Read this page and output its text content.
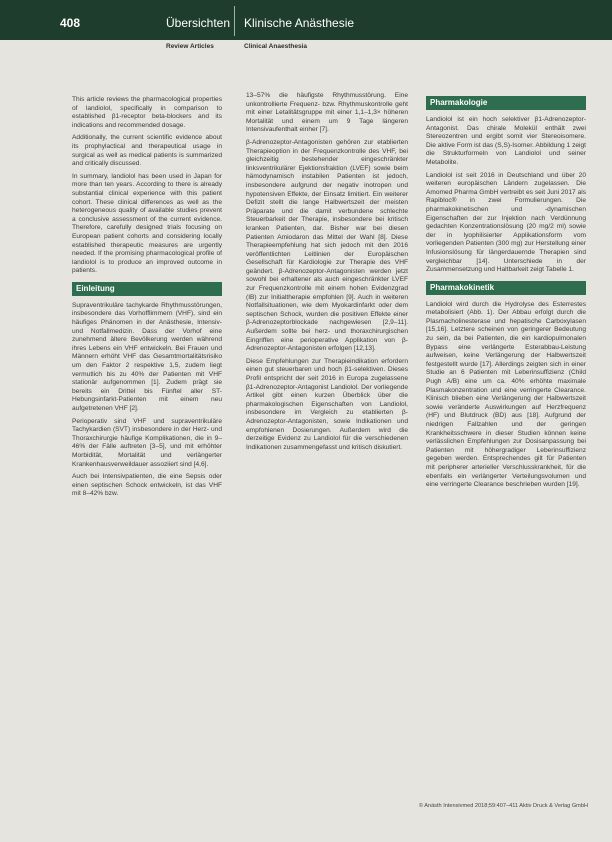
408	Übersichten Klinische Anästhesie
Review Articles	Clinical Anaesthesia

This article reviews the pharmacological properties of landiolol, specifically in comparison to established β1-receptor beta-blockers and its indications and recommended dosage.

Additionally, the current scientific evidence about its prophylactical and therapeutical usage in surgical as well as medical patients is summarized and critically discussed.

In summary, landiolol has been used in Japan for more than ten years. According to there is already substantial clinical experience with this patient cohort. These clinical differences as well as the heterogeneous quality of available studies prevent a conclusive assessment of the current evidence. Therefore, carefully designed trials focusing on European patient cohorts and considering locally established therapeutic measures are urgently needed. If the promising pharmacological profile of landiolol is to produce an improved outcome in patients.

Einleitung

Supraventrikuläre tachykarde Rhythmusstörungen, insbesondere das Vorhofflimmern (VHF), sind ein häufiges Phänomen in der Anästhesie, Intensiv- und Notfallmedizin. Dass der Vorhof eine zunehmend ältere Bevölkerung werden während ihres Lebens ein VHF entwickeln. Bei Frauen und Männern erhöht VHF das Gesamtmortalitätsrisiko um den Faktor 2 respektive 1,5, zudem liegt vermutlich bis zu 40% der Patienten mit VHF stationär aufgenommen [1]. Zudem prägt sie bereits ein Drittel bis Fünftel aller ST-Hebungsinfarkt-Patienten mit einem neu aufgetretenen VHF [2].

Perioperativ sind VHF und supraventrikuläre Tachykardien (SVT) insbesondere in der Herz- und Thoraxchirurgie häufige Komplikationen, die in 9–46% der Fälle auftreten [3–5], und mit erhöhter Morbidität, Mortalität und verlängerter Krankenhausverweildauer assoziiert sind [4,6].

Auch bei Intensivpatienten, die eine Sepsis oder einen septischen Schock entwickeln, ist das VHF mit 8–42% bzw.

13–57% die häufigste Rhythmusstörung. Eine unkontrollierte Frequenz- bzw. Rhythmuskontrolle geht mit einer Letalitätsgruppe mit einer 1,1–1,3× höheren Mortalität und einem um 9 Tage längeren Intensivaufenthalt einher [7].

β-Adrenozeptor-Antagonisten gehören zur etablierten Therapieoption in der Frequenzkontrolle des VHF, bei gleichzeitig bestehender eingeschränkter linksventrikulärer Ejektionsfraktion (LVEF) sowie beim hämodynamisch instabilen Patienten ist jedoch, insbesondere aufgrund der negativ inotropen und hypotensiven Effekte, der Einsatz limitiert. Ein weiterer Defizit stellt die lange Halbwertszeit der meisten Präparate und die damit verbundene schlechte Steuerbarkeit der Therapie, insbesondere bei kritisch kranken Patienten, dar. Bisher war bei diesen Patienten Amiodaron das Mittel der Wahl [8]. Diese Therapieempfehlung hat sich jedoch mit den 2016 veröffentlichten Leitlinien der Europäischen Gesellschaft für Kardiologie zur Therapie des VHF geändert. β-Adrenozeptor-Antagonisten werden jetzt sowohl bei erhaltener als auch eingeschränkter LVEF zur Frequenzkontrolle mit einem hohen Evidenzgrad (IB) zur Initialtherapie empfohlen [9]. Auch in weiteren Notfallsituationen, wie dem Myokardinfarkt oder dem septischen Schock, wurden die positiven Effekte einer β-Adrenozeptorblockade nachgewiesen [2,9–11]. Außerdem sollte bei herz- und thoraxchirurgischen Eingriffen eine perioperative Applikation von β-Adrenozeptor-Antagonisten erfolgen [12,13].

Diese Empfehlungen zur Therapieindikation erfordern einen gut steuerbaren und hoch β1-selektiven. Dieses Profil entspricht der seit 2016 in Europa zugelassene β1-Adrenozeptor-Antagonist Landiolol. Der vorliegende Artikel gibt einen kurzen Überblick über die pharmakologischen Eigenschaften von Landiolol, insbesondere im Vergleich zu etablierten β-Adrenozeptor-Antagonisten, sowie Indikationen und empfohlenen Dosierungen. Außerdem wird die derzeitige Evidenz zu Landiolol für die verschiedenen Indikationen zusammengefasst und kritisch diskutiert.

Pharmakologie

Landiolol ist ein hoch selektiver β1-Adrenozeptor-Antagonist. Das chirale Molekül enthält zwei Stereozentren und ergibt somit vier Stereoisomere. Die aktive Form ist das (S,S)-Isomer. Abbildung 1 zeigt die Strukturformeln von Landiolol und seiner Metabolite.

Landiolol ist seit 2016 in Deutschland und über 20 weiteren europäischen Ländern zugelassen. Die Amomed Pharma GmbH vertreibt es seit Juni 2017 als Rapibloc® in zwei Formulierungen. Die pharmakokinetischen und -dynamischen Eigenschaften der zur Injektion nach Verdünnung gedachten Konzentrationslösung (20 mg/2 ml) sowie der in lyophilisierter Applikationsform vom vorliegenden Patienten (300 mg) zur Herstellung einer Infusionslösung für längerdauernde Therapien sind vergleichbar [14]. Unterschiede in der Zusammensetzung und Haltbarkeit zeigt Tabelle 1.

Pharmakokinetik

Landiolol wird durch die Hydrolyse des Esterrestes metabolisiert (Abb. 1). Der Abbau erfolgt durch die Plasmacholinesterase und hepatische Carboxylasen [15,16]. Letztere scheinen von geringerer Bedeutung zu sein, da bei Patienten, die ein kardiopulmonalen Bypass eine verlängerte Esterabbau-Leistung aufweisen, keine Verlängerung der Halbwertszeit festgestellt wurde [17]. Allerdings zeigten sich in einer Studie an 6 Patienten mit Leberinsuffizienz (Child Pugh A/B) eine um ca. 40% erhöhte maximale Plasmakonzentration und eine verringerte Clearance. Klinisch blieben eine Verlängerung der Halbwertszeit sowie veränderte Auswirkungen auf Herzfrequenz (HF) und Blutdruck (BD) aus [18]. Aufgrund der niedrigen Fallzahlen und der geringen Krankheitsschwere in dieser Studien können keine verlässlichen Empfehlungen zur Dosisanpassung bei Patienten mit höhergradiger Leberinsuffizienz gegeben werden. Entsprechendes gilt für Patienten mit peripherer arterieller Verschlusskrankheit, für die ebenfalls ein verlängerter Verteilungsvolumen und eine verringerte Clearance beschrieben wurden [19].

© Anästh Intensivmed 2018;59:407–411 Aktiv Druck & Verlag GmbH
